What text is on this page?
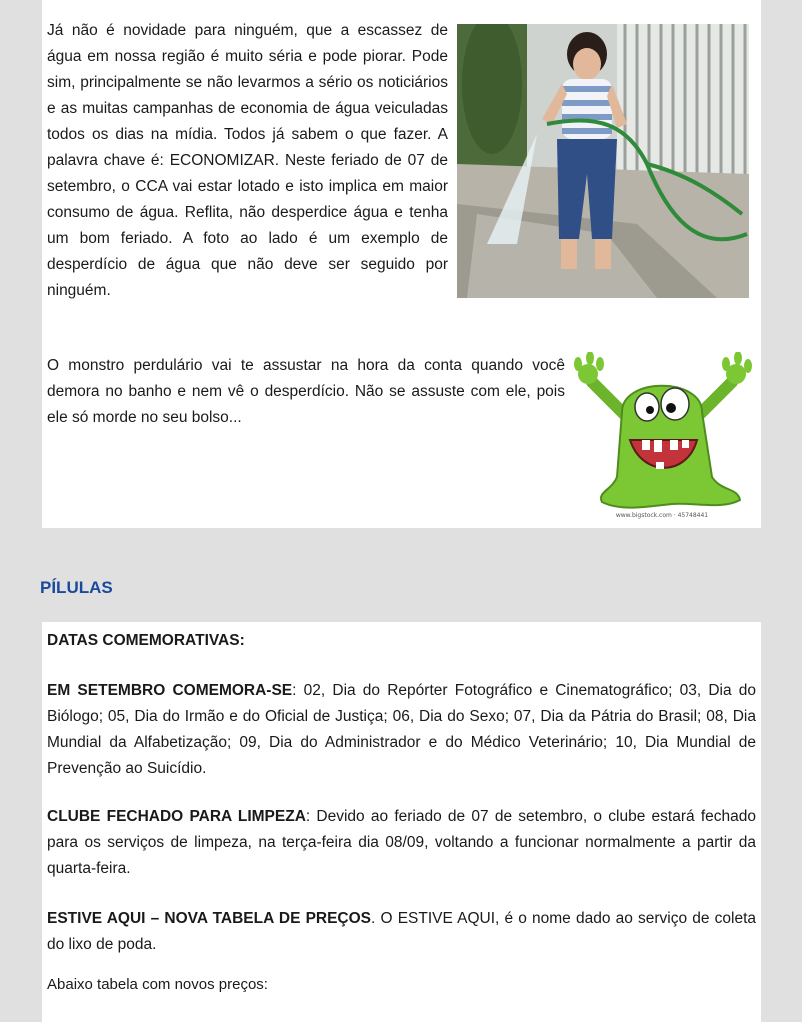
Já não é novidade para ninguém, que a escassez de água em nossa região é muito séria e pode piorar. Pode sim, principalmente se não levarmos a sério os noticiários e as muitas campanhas de economia de água veiculadas todos os dias na mídia. Todos já sabem o que fazer. A palavra chave é: ECONOMIZAR. Neste feriado de 07 de setembro, o CCA vai estar lotado e isto implica em maior consumo de água. Reflita, não desperdice água e tenha um bom feriado. A foto ao lado é um exemplo de desperdício de água que não deve ser seguido por ninguém.

O monstro perdulário vai te assustar na hora da conta quando você demora no banho e nem vê o desperdício. Não se assuste com ele, pois ele só morde no seu bolso...

www.bigstock.com · 45748441
PÍLULAS

DATAS COMEMORATIVAS:

EM SETEMBRO COMEMORA-SE: 02, Dia do Repórter Fotográfico e Cinematográfico; 03, Dia do Biólogo; 05, Dia do Irmão e do Oficial de Justiça; 06, Dia do Sexo; 07, Dia da Pátria do Brasil; 08, Dia Mundial da Alfabetização; 09, Dia do Administrador e do Médico Veterinário; 10, Dia Mundial de Prevenção ao Suicídio.

CLUBE FECHADO PARA LIMPEZA: Devido ao feriado de 07 de setembro, o clube estará fechado para os serviços de limpeza, na terça-feira dia 08/09, voltando a funcionar normalmente a partir da quarta-feira.

ESTIVE AQUI – NOVA TABELA DE PREÇOS. O ESTIVE AQUI, é o nome dado ao serviço de coleta do lixo de poda.

Abaixo tabela com novos preços:
